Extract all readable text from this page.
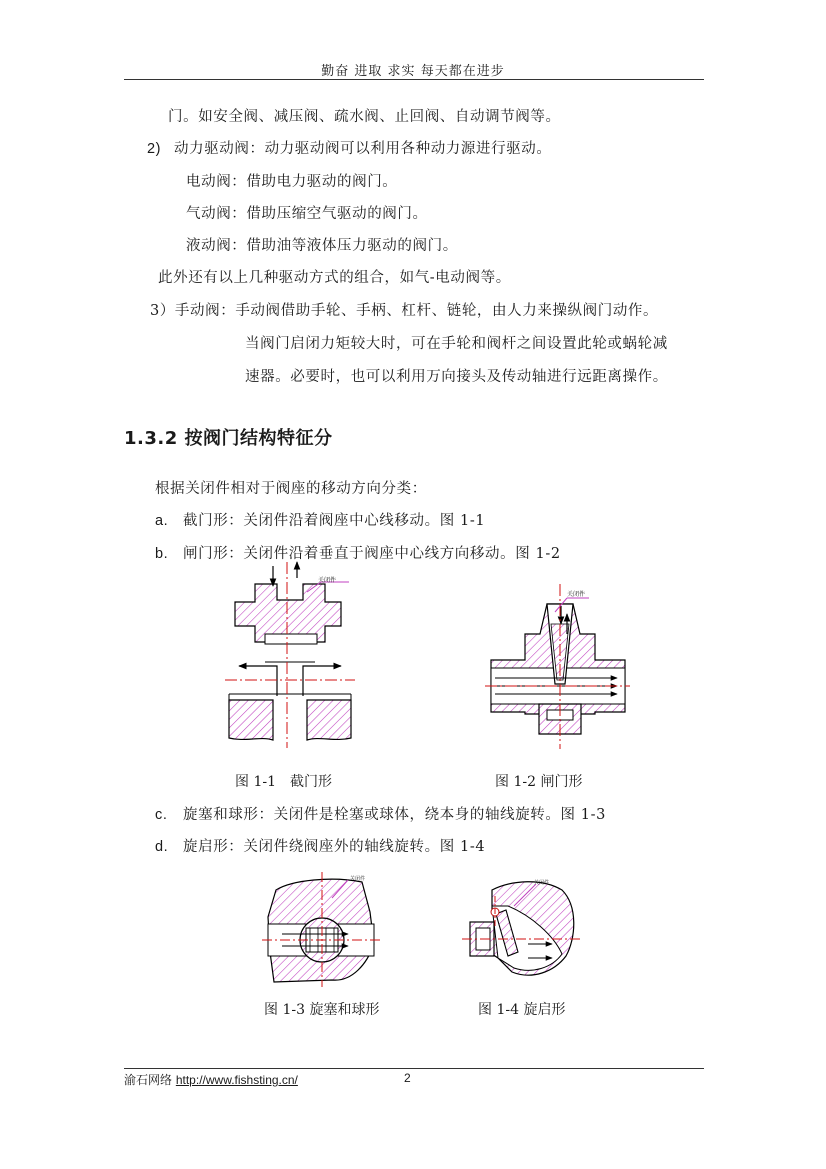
勤奋 进取 求实 每天都在进步
门。如安全阀、减压阀、疏水阀、止回阀、自动调节阀等。
2) 动力驱动阀：动力驱动阀可以利用各种动力源进行驱动。
电动阀：借助电力驱动的阀门。
气动阀：借助压缩空气驱动的阀门。
液动阀：借助油等液体压力驱动的阀门。
此外还有以上几种驱动方式的组合，如气-电动阀等。
3）手动阀：手动阀借助手轮、手柄、杠杆、链轮，由人力来操纵阀门动作。
当阀门启闭力矩较大时，可在手轮和阀杆之间设置此轮或蜗轮减
速器。必要时，也可以利用万向接头及传动轴进行远距离操作。
1.3.2 按阀门结构特征分
根据关闭件相对于阀座的移动方向分类：
a. 截门形：关闭件沿着阀座中心线移动。图 1-1
b. 闸门形：关闭件沿着垂直于阀座中心线方向移动。图 1-2
关闭件
关闭件
图 1-1　截门形	图 1-2 闸门形
c. 旋塞和球形：关闭件是栓塞或球体，绕本身的轴线旋转。图 1-3
d. 旋启形：关闭件绕阀座外的轴线旋转。图 1-4
关闭件
关闭件
图 1-3 旋塞和球形	图 1-4 旋启形
渝石网络 http://www.fishsting.cn/	2
